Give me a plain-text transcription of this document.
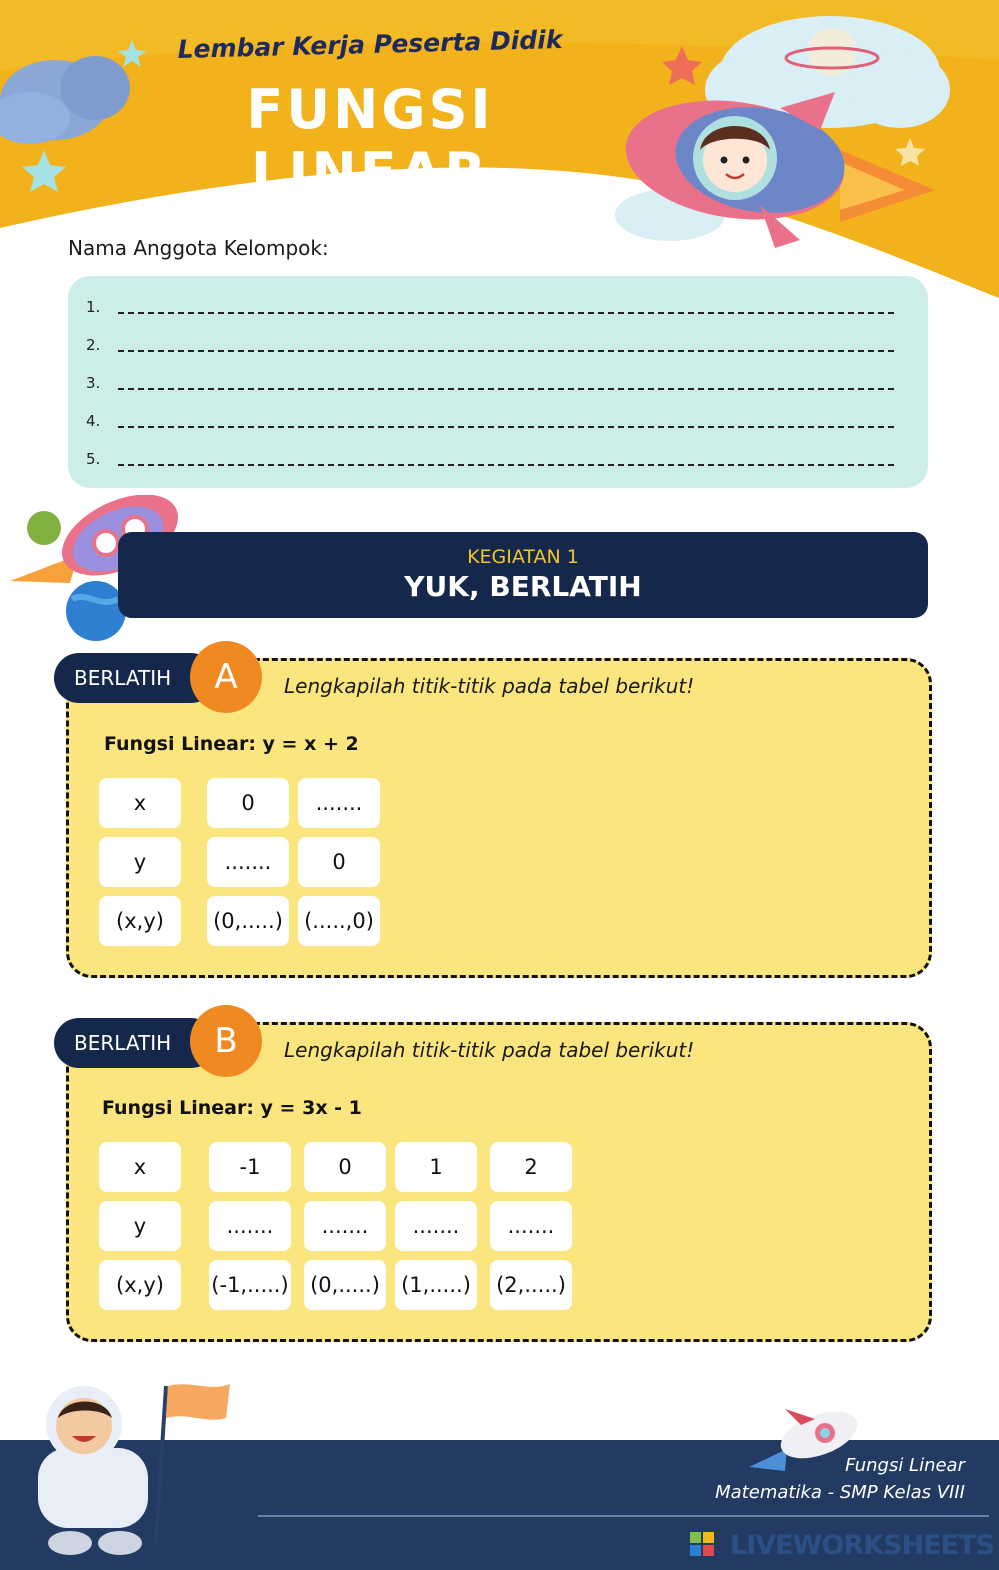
Lembar Kerja Peserta Didik
FUNGSI LINEAR
Nama Anggota Kelompok:
1.
2.
3.
4.
5.
KEGIATAN 1
YUK, BERLATIH
BERLATIH	A	Lengkapilah titik-titik pada tabel berikut!
Fungsi Linear: y = x + 2
x	0	.......
y	.......	0
(x,y)	(0,.....) (.....,0)
BERLATIH	B	Lengkapilah titik-titik pada tabel berikut!
Fungsi Linear: y = 3x - 1
x	-1	0	1	2
y	.......	.......	.......	.......
(x,y)	(-1,.....) (0,.....) (1,.....) (2,.....)
Fungsi Linear
Matematika - SMP Kelas VIII
LIVEWORKSHEETS
